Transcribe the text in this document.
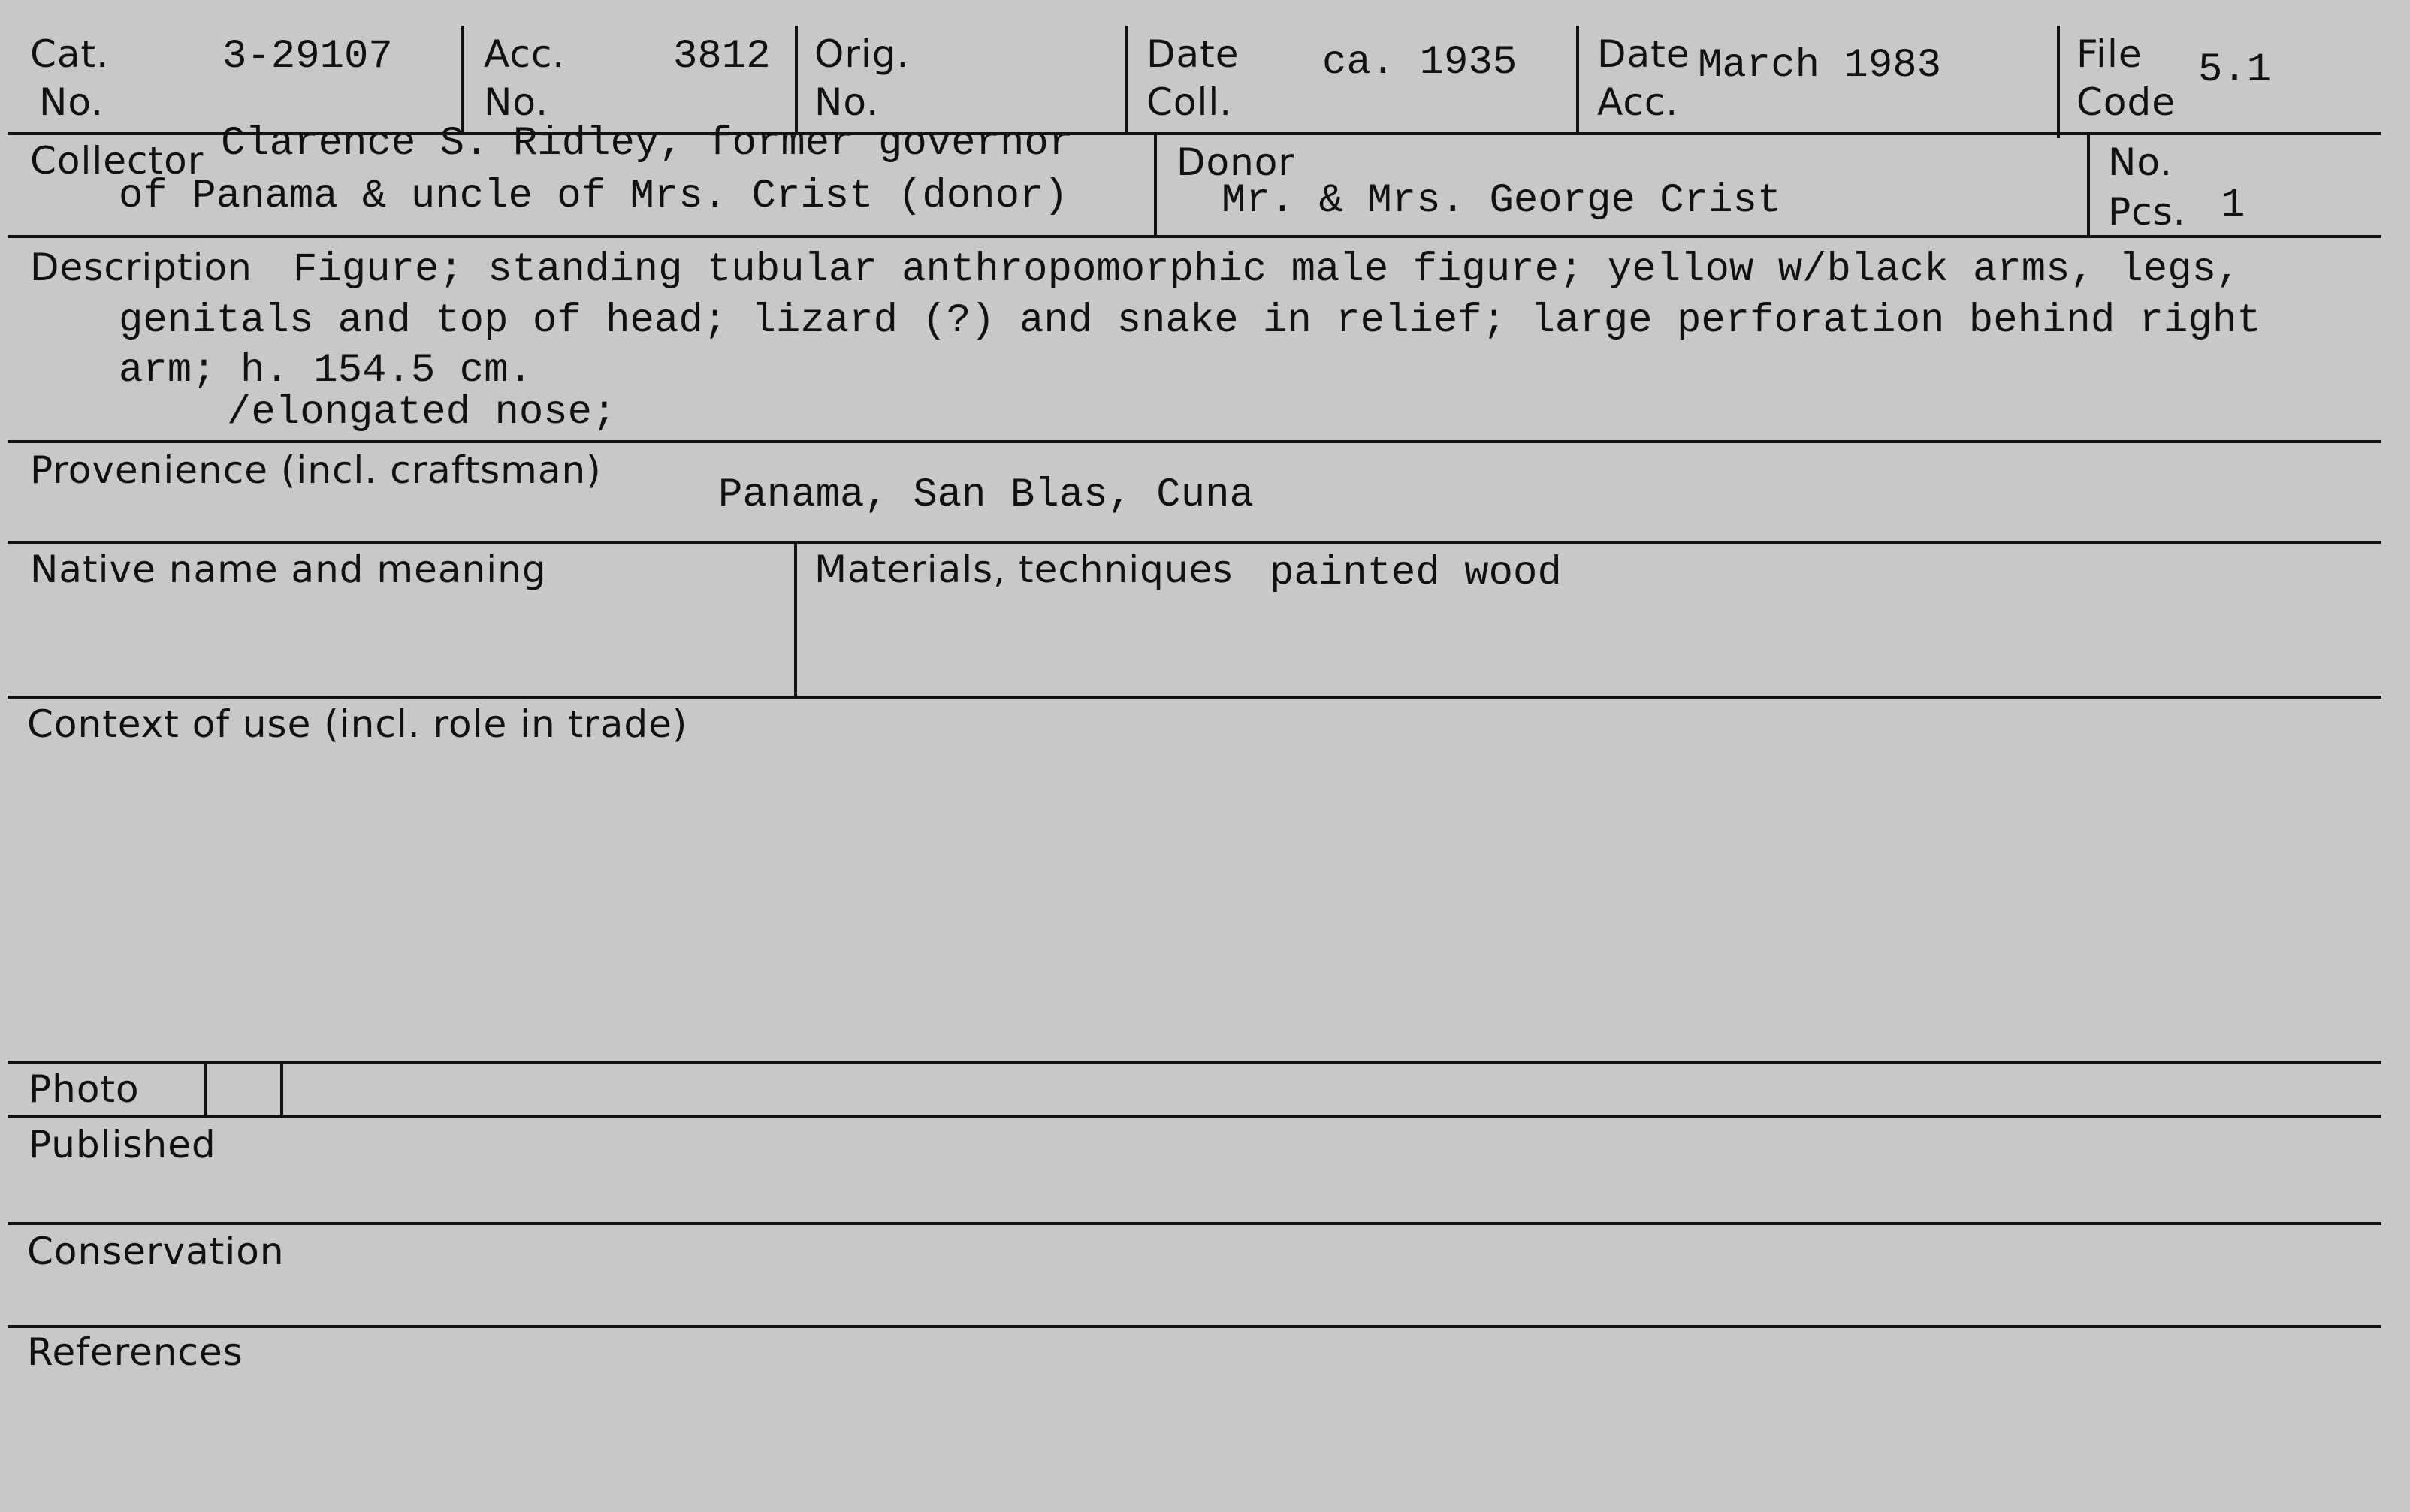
Cat.
No.
3-29107 Acc.
No.
3812 Orig.
No.
Date
Coll.
ca. 1935 Date
Acc.
March 1983	File
Code
5.1
Collector Clarence S. Ridley, former governor
of Panama & uncle of Mrs. Crist (donor)
Donor
Mr. & Mrs. George Crist
No.
Pcs. 1
Description Figure; standing tubular anthropomorphic male figure; yellow w/black arms, legs,
genitals and top of head; lizard (?) and snake in relief; large perforation behind right
arm; h. 154.5 cm.
/elongated nose;
Provenience (incl. craftsman)
Panama, San Blas, Cuna
Native name and meaning	Materials, techniques painted wood
Context of use (incl. role in trade)
Photo
Published
Conservation
References
